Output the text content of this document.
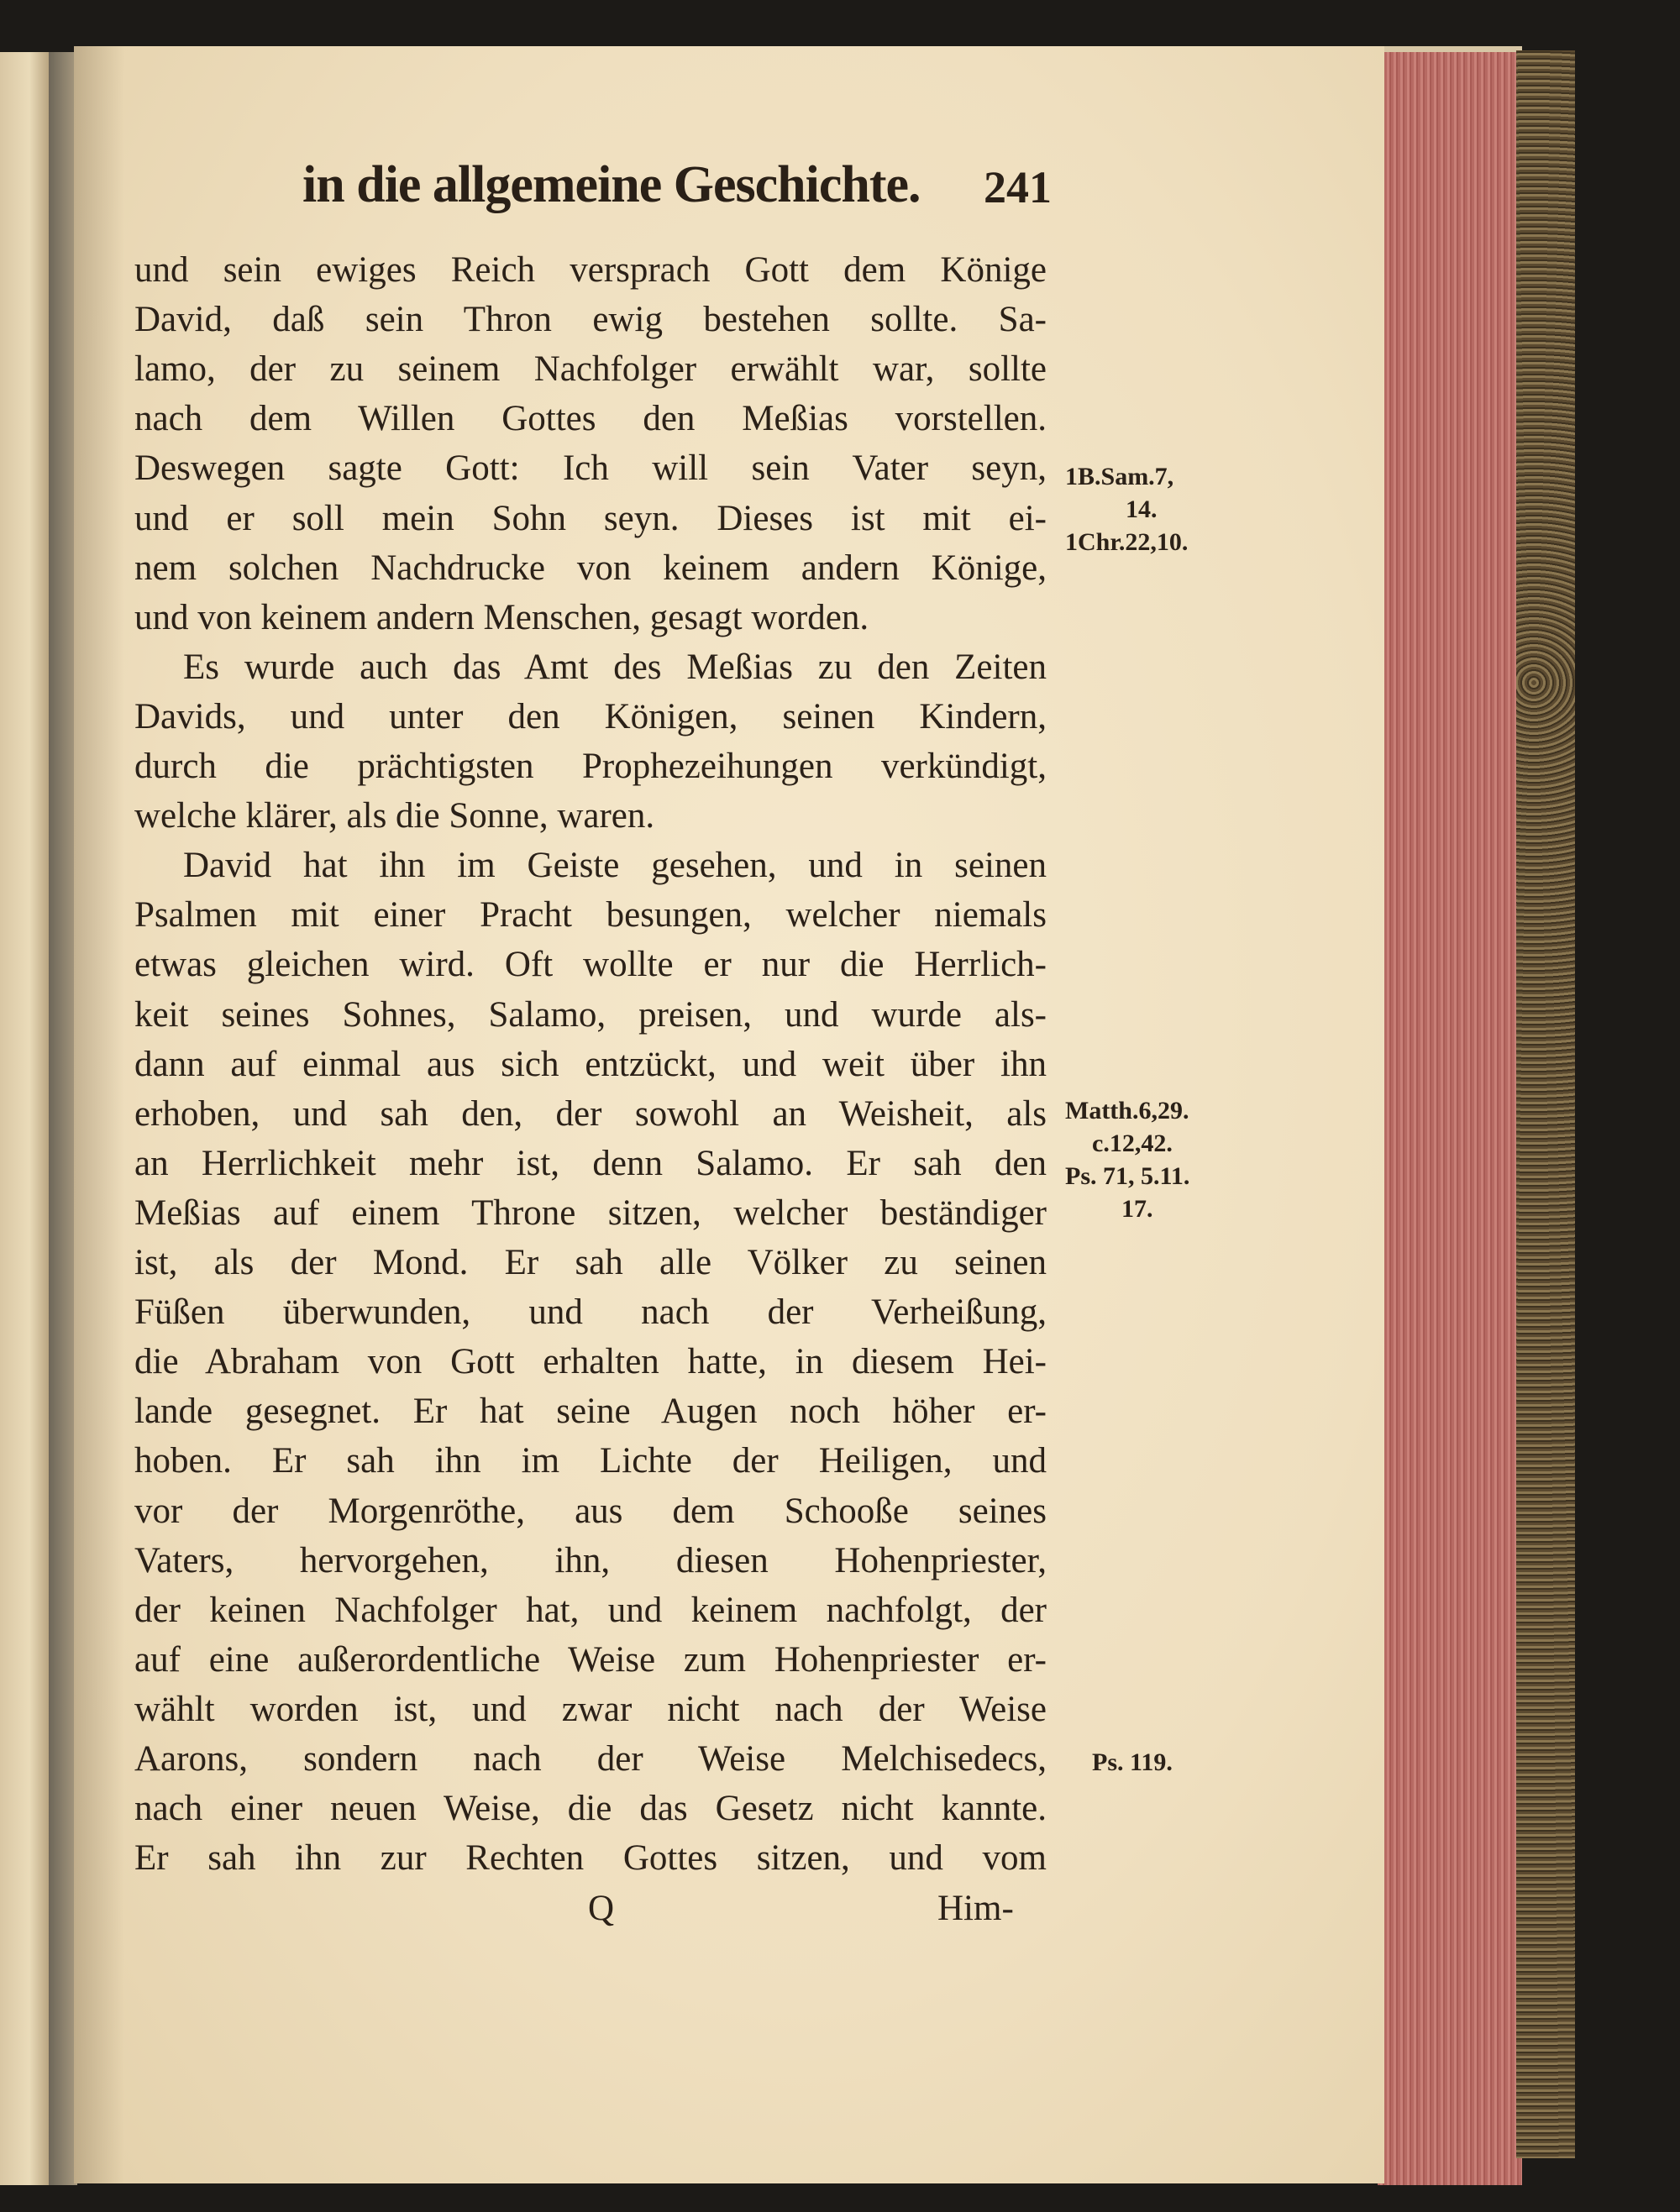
in die allgemeine Geschichte. 241
und sein ewiges Reich versprach Gott dem Könige
David, daß sein Thron ewig bestehen sollte. Sa-
lamo, der zu seinem Nachfolger erwählt war, sollte
nach dem Willen Gottes den Meßias vorstellen.
Deswegen sagte Gott: Ich will sein Vater seyn,
und er soll mein Sohn seyn. Dieses ist mit ei-
nem solchen Nachdrucke von keinem andern Könige,
und von keinem andern Menschen, gesagt worden.
Es wurde auch das Amt des Meßias zu den Zeiten
Davids, und unter den Königen, seinen Kindern,
durch die prächtigsten Prophezeihungen verkündigt,
welche klärer, als die Sonne, waren.
David hat ihn im Geiste gesehen, und in seinen
Psalmen mit einer Pracht besungen, welcher niemals
etwas gleichen wird. Oft wollte er nur die Herrlich-
keit seines Sohnes, Salamo, preisen, und wurde als-
dann auf einmal aus sich entzückt, und weit über ihn
erhoben, und sah den, der sowohl an Weisheit, als
an Herrlichkeit mehr ist, denn Salamo. Er sah den
Meßias auf einem Throne sitzen, welcher beständiger
ist, als der Mond. Er sah alle Völker zu seinen
Füßen überwunden, und nach der Verheißung,
die Abraham von Gott erhalten hatte, in diesem Hei-
lande gesegnet. Er hat seine Augen noch höher er-
hoben. Er sah ihn im Lichte der Heiligen, und
vor der Morgenröthe, aus dem Schooße seines
Vaters, hervorgehen, ihn, diesen Hohenpriester,
der keinen Nachfolger hat, und keinem nachfolgt, der
auf eine außerordentliche Weise zum Hohenpriester er-
wählt worden ist, und zwar nicht nach der Weise
Aarons, sondern nach der Weise Melchisedecs,
nach einer neuen Weise, die das Gesetz nicht kannte.
Er sah ihn zur Rechten Gottes sitzen, und vom
1B.Sam.7,
14.
1Chr.22,10.
Matth.6,29.
c.12,42.
Ps. 71, 5.11.
17.
Ps. 119.
Q	Him-
